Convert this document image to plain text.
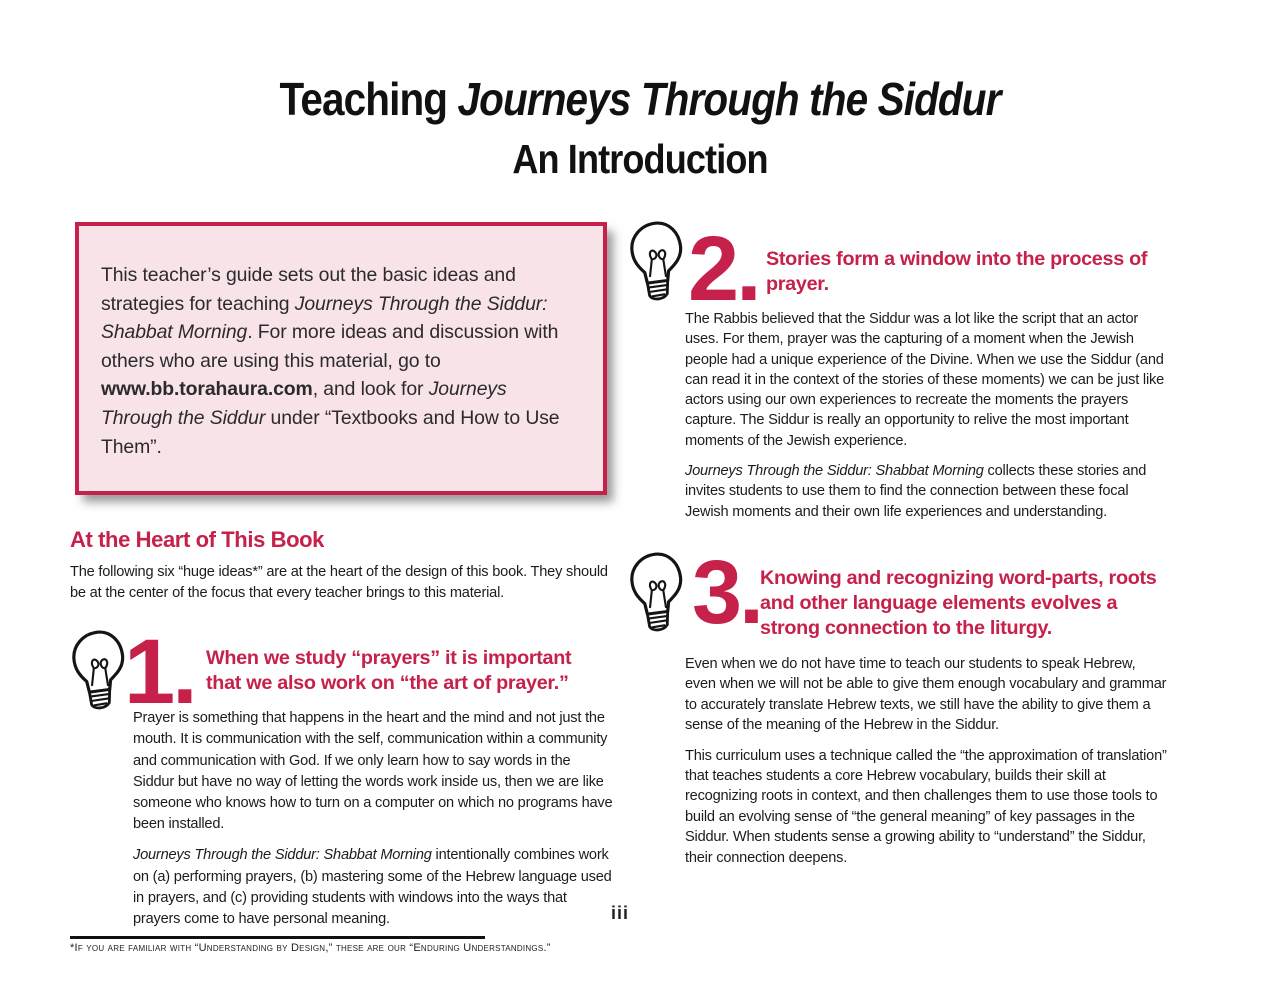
Teaching Journeys Through the Siddur
An Introduction

This teacher’s guide sets out the basic ideas and strategies for teaching Journeys Through the Siddur: Shabbat Morning. For more ideas and discussion with others who are using this material, go to www.bb.torahaura.com, and look for Journeys Through the Siddur under “Textbooks and How to Use Them”.

At the Heart of This Book

The following six “huge ideas*” are at the heart of the design of this book. They should be at the center of the focus that every teacher brings to this material.

1. When we study “prayers” it is important that we also work on “the art of prayer.”

Prayer is something that happens in the heart and the mind and not just the mouth. It is communication with the self, communication within a community and communication with God. If we only learn how to say words in the Siddur but have no way of letting the words work inside us, then we are like someone who knows how to turn on a computer on which no programs have been installed.

Journeys Through the Siddur: Shabbat Morning intentionally combines work on (a) performing prayers, (b) mastering some of the Hebrew language used in prayers, and (c) providing students with windows into the ways that prayers come to have personal meaning.

*If you are familiar with “Understanding by Design,” these are our “Enduring Understandings.”

2. Stories form a window into the process of prayer.

The Rabbis believed that the Siddur was a lot like the script that an actor uses. For them, prayer was the capturing of a moment when the Jewish people had a unique experience of the Divine. When we use the Siddur (and can read it in the context of the stories of these moments) we can be just like actors using our own experiences to recreate the moments the prayers capture. The Siddur is really an opportunity to relive the most important moments of the Jewish experience.

Journeys Through the Siddur: Shabbat Morning collects these stories and invites students to use them to find the connection between these focal Jewish moments and their own life experiences and understanding.

3.
Knowing and recognizing word-parts, roots and other language elements evolves a strong connection to the liturgy.

Even when we do not have time to teach our students to speak Hebrew, even when we will not be able to give them enough vocabulary and grammar to accurately translate Hebrew texts, we still have the ability to give them a sense of the meaning of the Hebrew in the Siddur.

This curriculum uses a technique called the “the approximation of translation” that teaches students a core Hebrew vocabulary, builds their skill at recognizing roots in context, and then challenges them to use those tools to build an evolving sense of “the general meaning” of key passages in the Siddur. When students sense a growing ability to “understand” the Siddur, their connection deepens.

iii
